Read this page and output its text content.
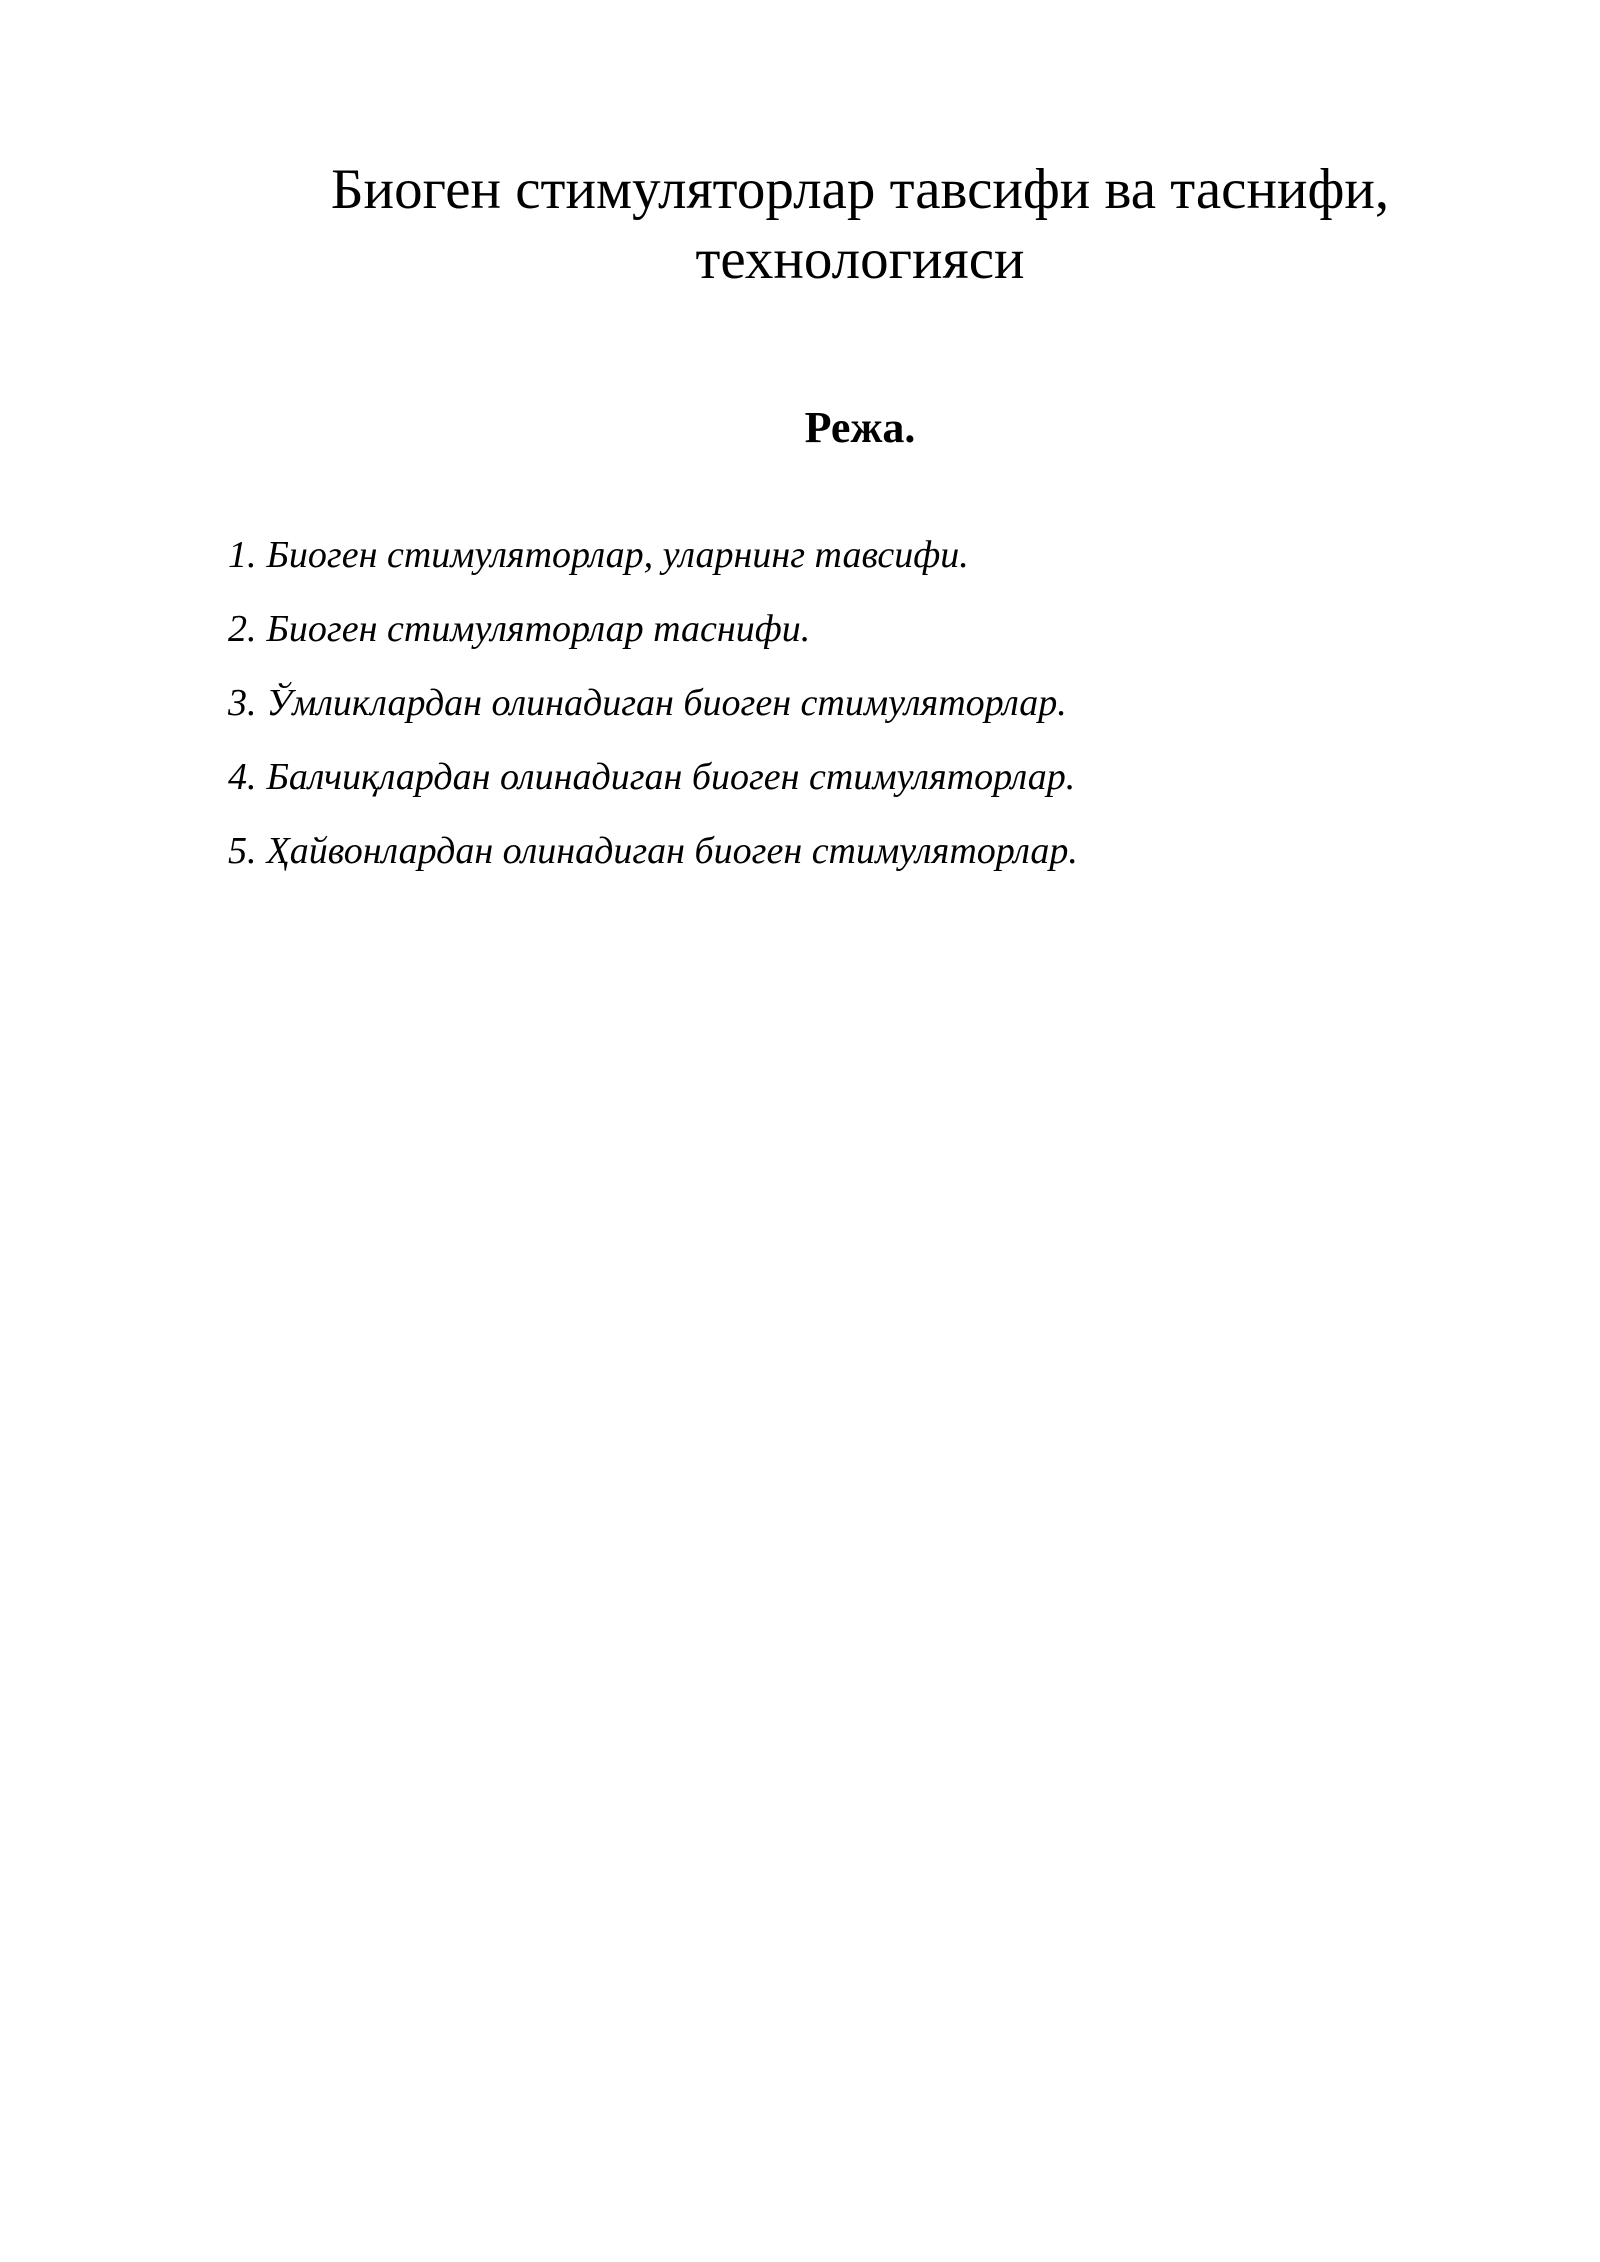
Биоген стимуляторлар тавсифи ва таснифи,
технологияси
Режа.
1. Биоген стимуляторлар, уларнинг тавсифи.
2. Биоген стимуляторлар таснифи.
3. Ўмликлардан олинадиган биоген стимуляторлар.
4. Балчиқлардан олинадиган биоген стимуляторлар.
5. Ҳайвонлардан олинадиган биоген стимуляторлар.
